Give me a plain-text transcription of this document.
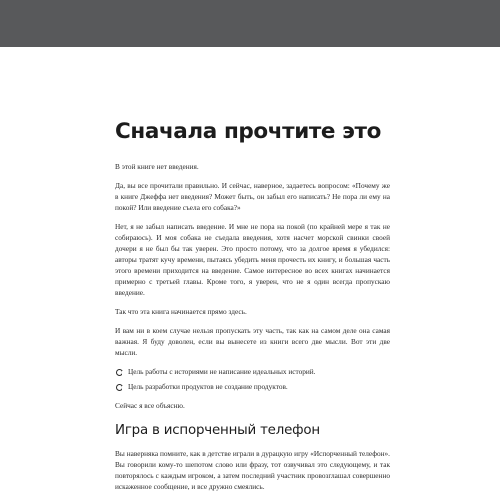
Сначала прочтите это

В этой книге нет введения.

Да, вы все прочитали правильно. И сейчас, наверное, задаетесь вопросом: «Почему же в книге Джеффа нет введения? Может быть, он забыл его написать? Не пора ли ему на покой? Или введение съела его собака?»

Нет, я не забыл написать введение. И мне не пора на покой (по крайней мере я так не собираюсь). И моя собака не съедала введения, хотя насчет морской свинки своей дочери я не был бы так уверен. Это просто потому, что за долгое время я убедился: авторы тратят кучу времени, пытаясь убедить меня прочесть их книгу, и большая часть этого времени приходится на введение. Самое интересное во всех книгах начинается примерно с третьей главы. Кроме того, я уверен, что не я один всегда пропускаю введение.

Так что эта книга начинается прямо здесь.

И вам ни в коем случае нельзя пропускать эту часть, так как на самом деле она самая важная. Я буду доволен, если вы вынесете из книги всего две мысли. Вот эти две мысли.

Цель работы с историями не написание идеальных историй.
Цель разработки продуктов не создание продуктов.

Сейчас я все объясню.

Игра в испорченный телефон

Вы наверняка помните, как в детстве играли в дурацкую игру «Испорченный телефон». Вы говорили кому-то шепотом слово или фразу, тот озвучивал это следующему, и так повторялось с каждым игроком, а затем последний участник провозглашал совершенно искаженное сообщение, и все дружно смеялись.
